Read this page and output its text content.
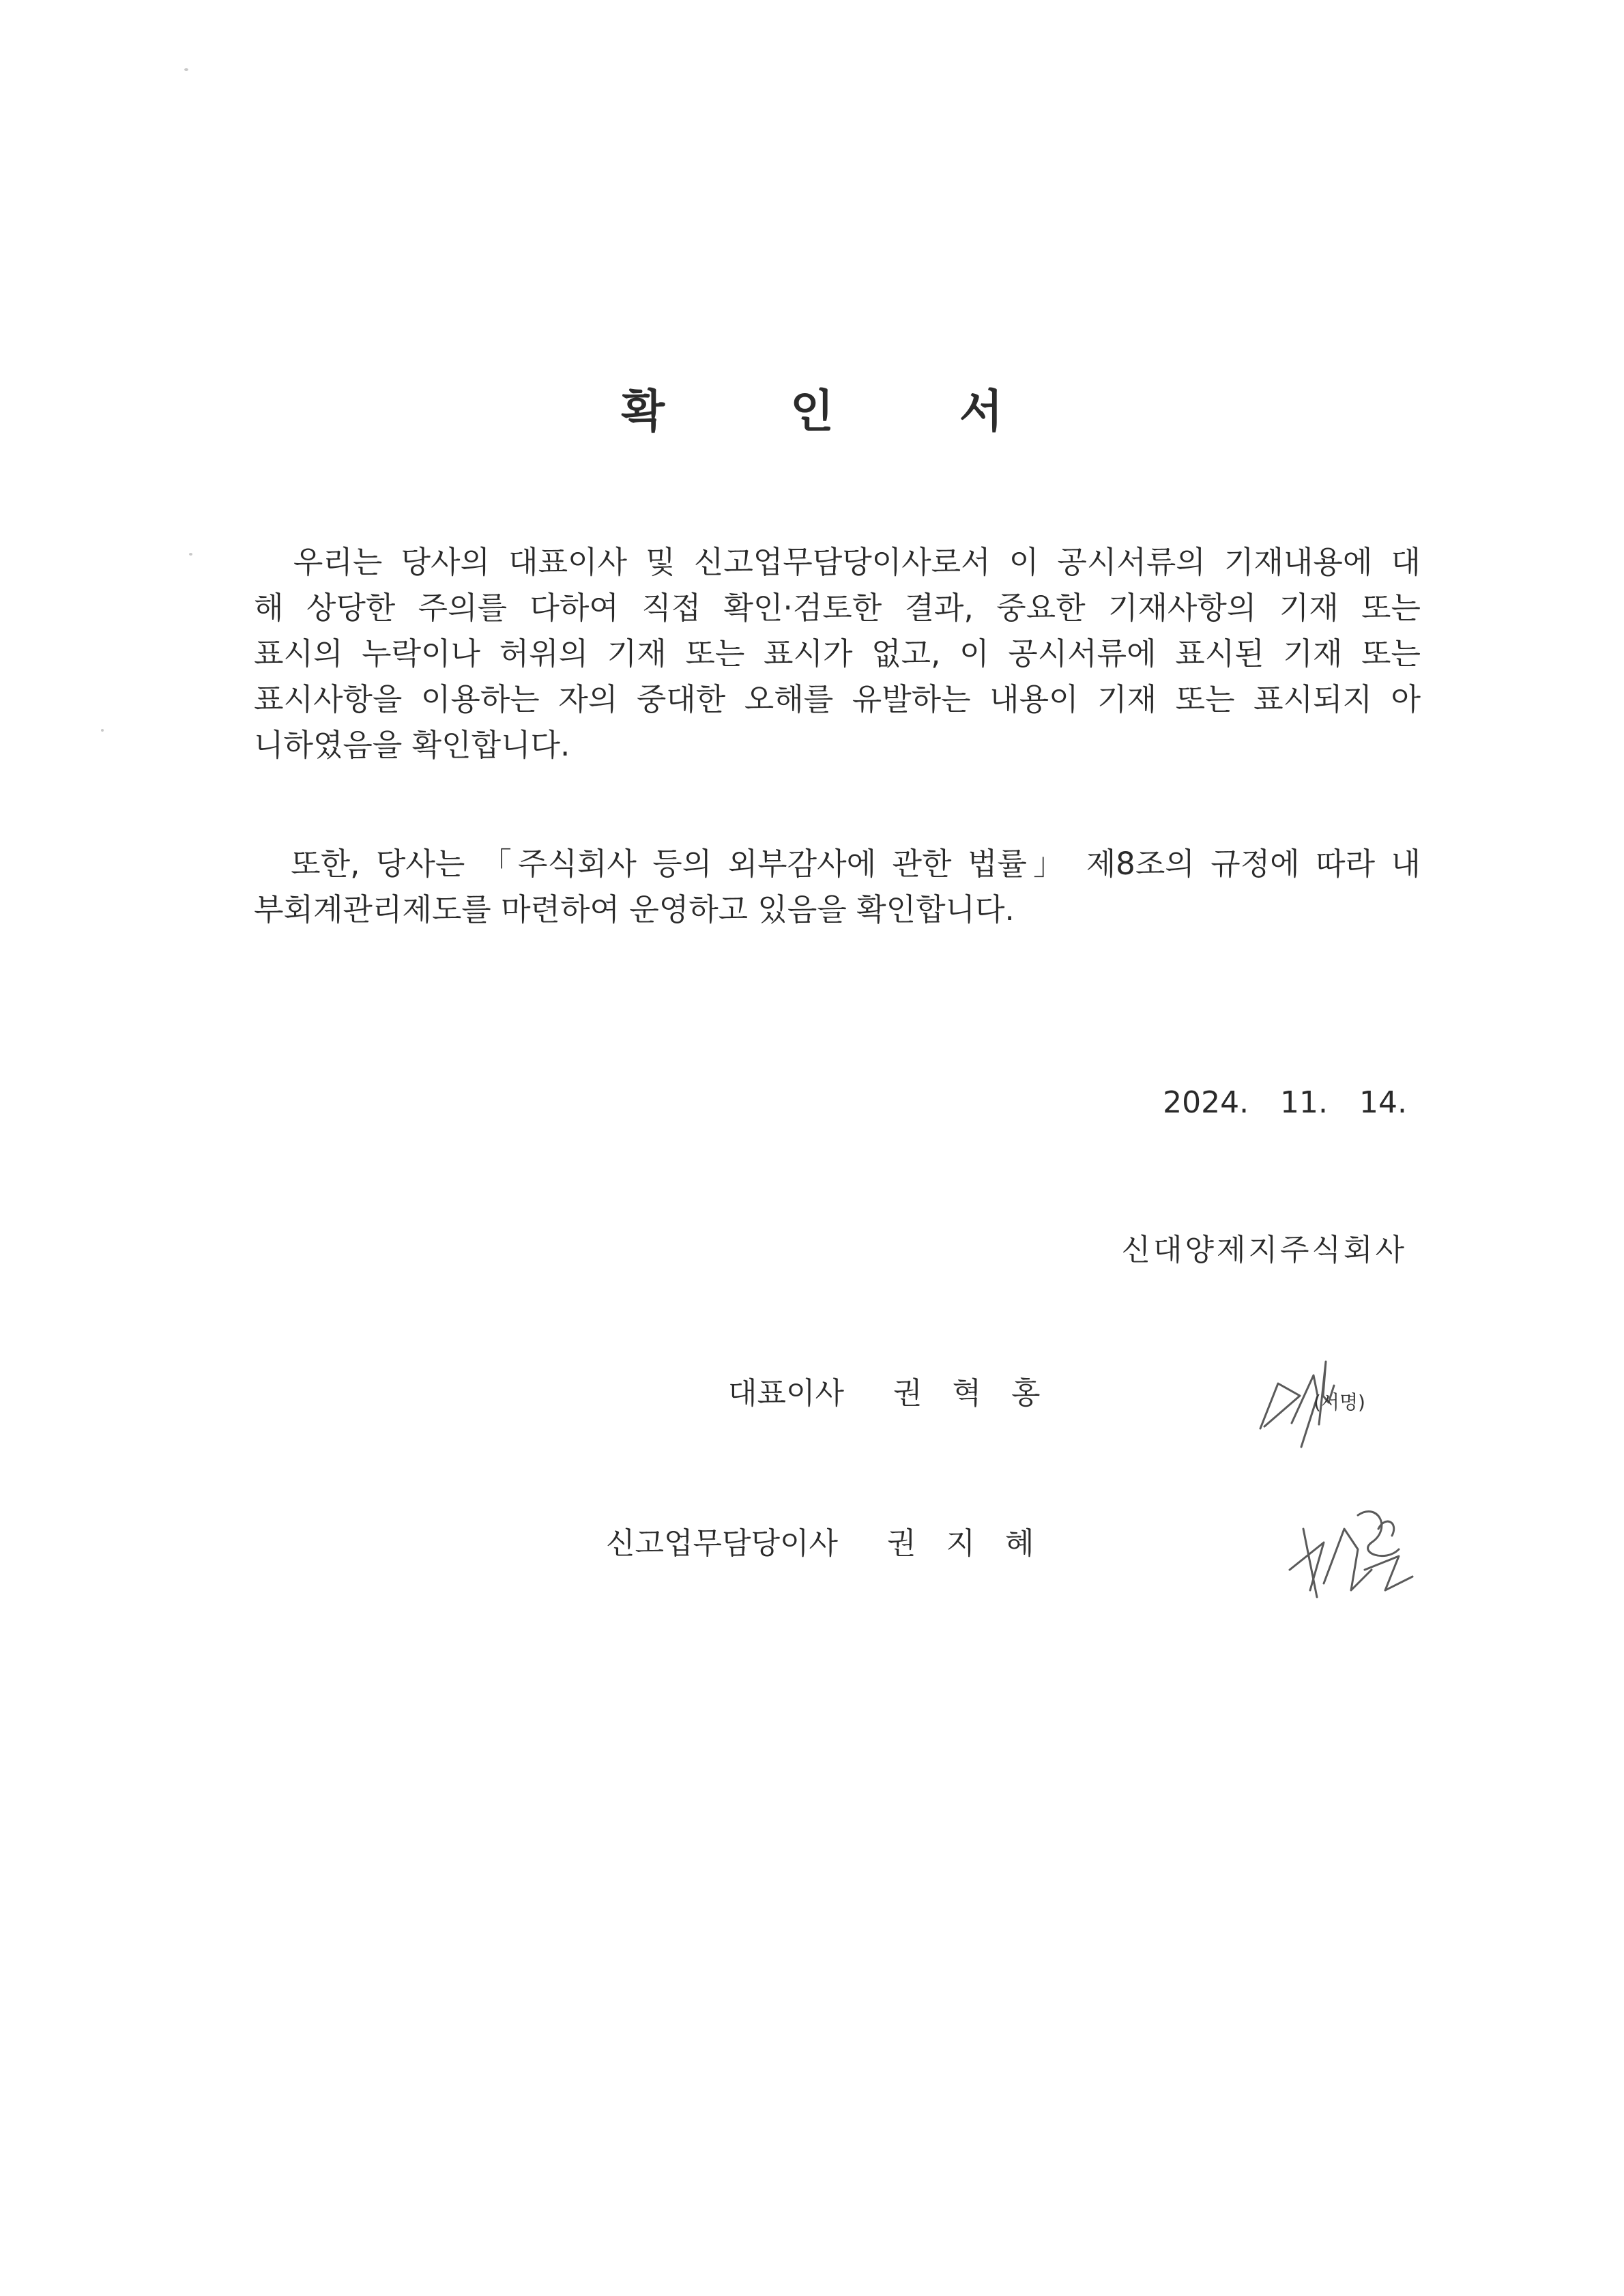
확	인	서
　우리는 당사의 대표이사 및 신고업무담당이사로서 이 공시서류의 기재내용에 대
해 상당한 주의를 다하여 직접 확인·검토한 결과, 중요한 기재사항의 기재 또는
표시의 누락이나 허위의 기재 또는 표시가 없고, 이 공시서류에 표시된 기재 또는
표시사항을 이용하는 자의 중대한 오해를 유발하는 내용이 기재 또는 표시되지 아
니하였음을 확인합니다.
　또한, 당사는 「주식회사 등의 외부감사에 관한 법률」 제8조의 규정에 따라 내
부회계관리제도를 마련하여 운영하고 있음을 확인합니다.
2024. 11. 14.
신대양제지주식회사
대표이사 권혁홍	(서명)
신고업무담당이사 권지혜
